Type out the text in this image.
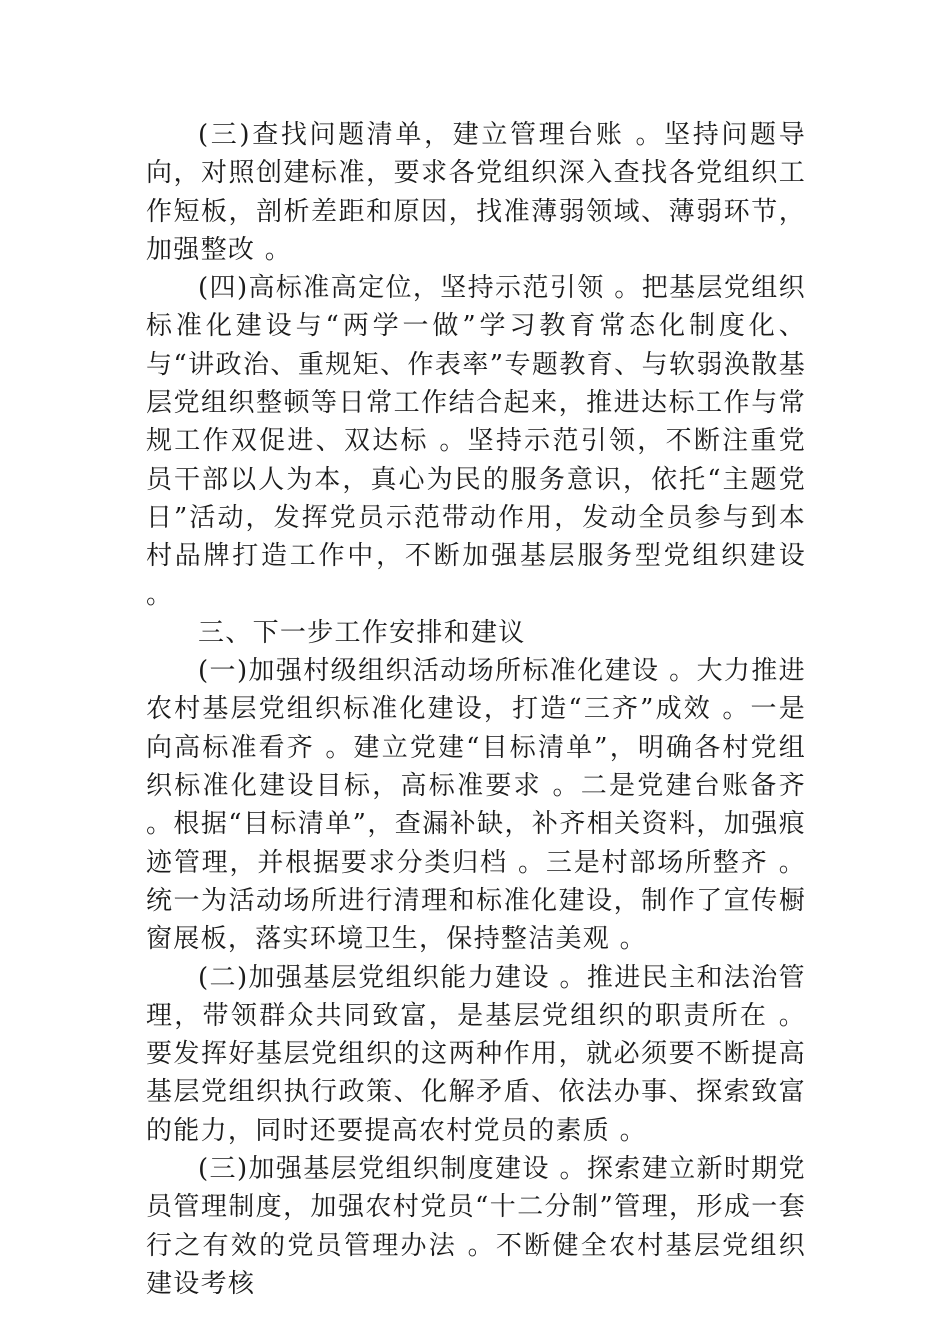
(三)查找问题清单，建立管理台账 。坚持问题导向，对照创建标准，要求各党组织深入查找各党组织工作短板，剖析差距和原因，找准薄弱领域、薄弱环节，加强整改 。

(四)高标准高定位，坚持示范引领 。把基层党组织标准化建设与“两学一做”学习教育常态化制度化、与“讲政治、重规矩、作表率”专题教育、与软弱涣散基层党组织整顿等日常工作结合起来，推进达标工作与常规工作双促进、双达标 。坚持示范引领，不断注重党员干部以人为本，真心为民的服务意识，依托“主题党日”活动，发挥党员示范带动作用，发动全员参与到本村品牌打造工作中，不断加强基层服务型党组织建设 。

三、下一步工作安排和建议

(一)加强村级组织活动场所标准化建设 。大力推进农村基层党组织标准化建设，打造“三齐”成效 。一是向高标准看齐 。建立党建“目标清单”，明确各村党组织标准化建设目标，高标准要求 。二是党建台账备齐 。根据“目标清单”，查漏补缺，补齐相关资料，加强痕迹管理，并根据要求分类归档 。三是村部场所整齐 。统一为活动场所进行清理和标准化建设，制作了宣传橱窗展板，落实环境卫生，保持整洁美观 。

(二)加强基层党组织能力建设 。推进民主和法治管理，带领群众共同致富，是基层党组织的职责所在 。要发挥好基层党组织的这两种作用，就必须要不断提高基层党组织执行政策、化解矛盾、依法办事、探索致富的能力，同时还要提高农村党员的素质 。

(三)加强基层党组织制度建设 。探索建立新时期党员管理制度，加强农村党员“十二分制”管理，形成一套行之有效的党员管理办法 。不断健全农村基层党组织建设考核
